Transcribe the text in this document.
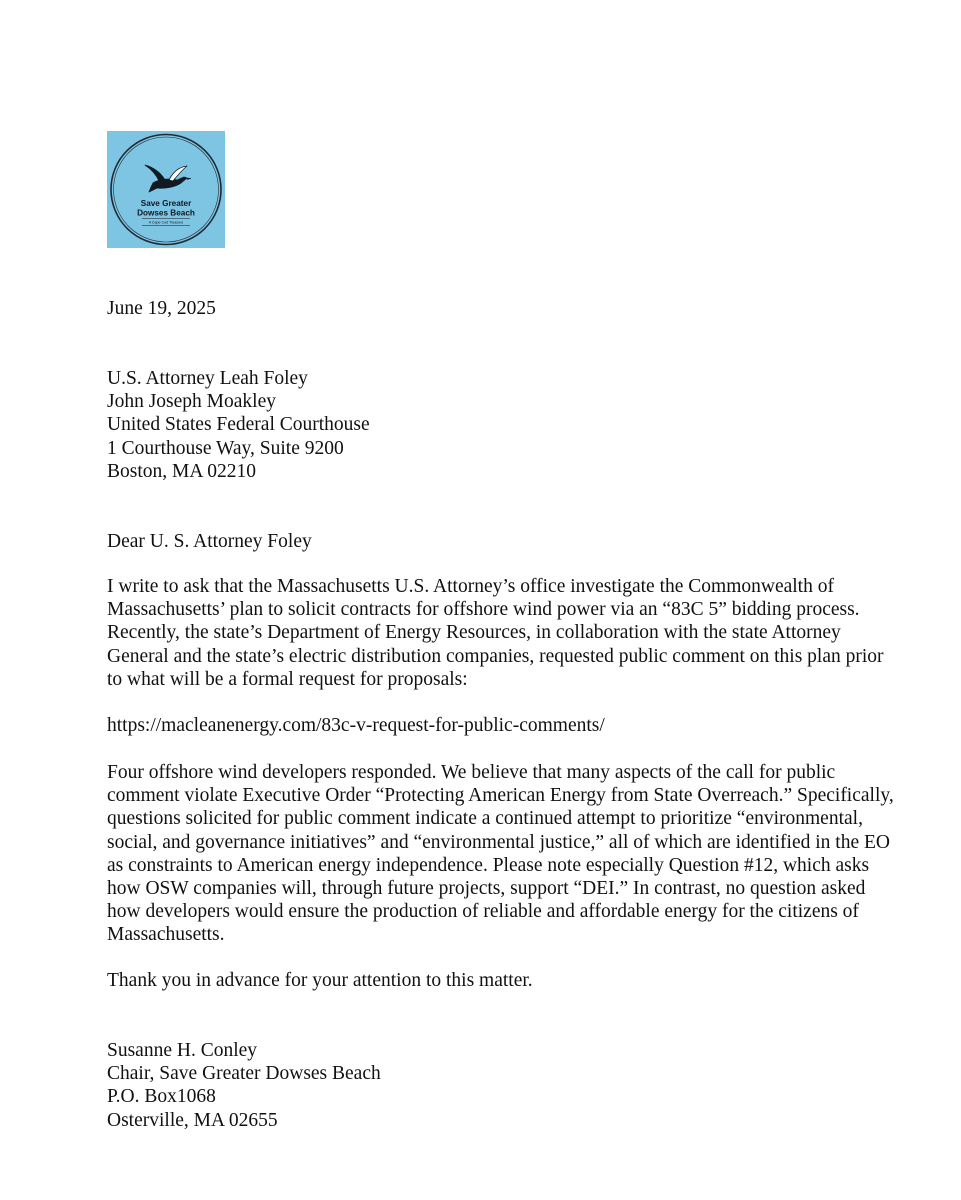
Save Greater
Dowses Beach
A Cape Cod Treasure
June 19, 2025
U.S. Attorney Leah Foley
John Joseph Moakley
United States Federal Courthouse
1 Courthouse Way, Suite 9200
Boston, MA 02210
Dear U. S. Attorney Foley

I write to ask that the Massachusetts U.S. Attorney’s office investigate the Commonwealth of Massachusetts’ plan to solicit contracts for offshore wind power via an “83C 5” bidding process. Recently, the state’s Department of Energy Resources, in collaboration with the state Attorney General and the state’s electric distribution companies, requested public comment on this plan prior to what will be a formal request for proposals:

https://macleanenergy.com/83c-v-request-for-public-comments/

Four offshore wind developers responded. We believe that many aspects of the call for public comment violate Executive Order “Protecting American Energy from State Overreach.” Specifically, questions solicited for public comment indicate a continued attempt to prioritize “environmental, social, and governance initiatives” and “environmental justice,” all of which are identified in the EO as constraints to American energy independence. Please note especially Question #12, which asks how OSW companies will, through future projects, support “DEI.” In contrast, no question asked how developers would ensure the production of reliable and affordable energy for the citizens of Massachusetts.

Thank you in advance for your attention to this matter.
Susanne H. Conley
Chair, Save Greater Dowses Beach
P.O. Box1068
Osterville, MA 02655
